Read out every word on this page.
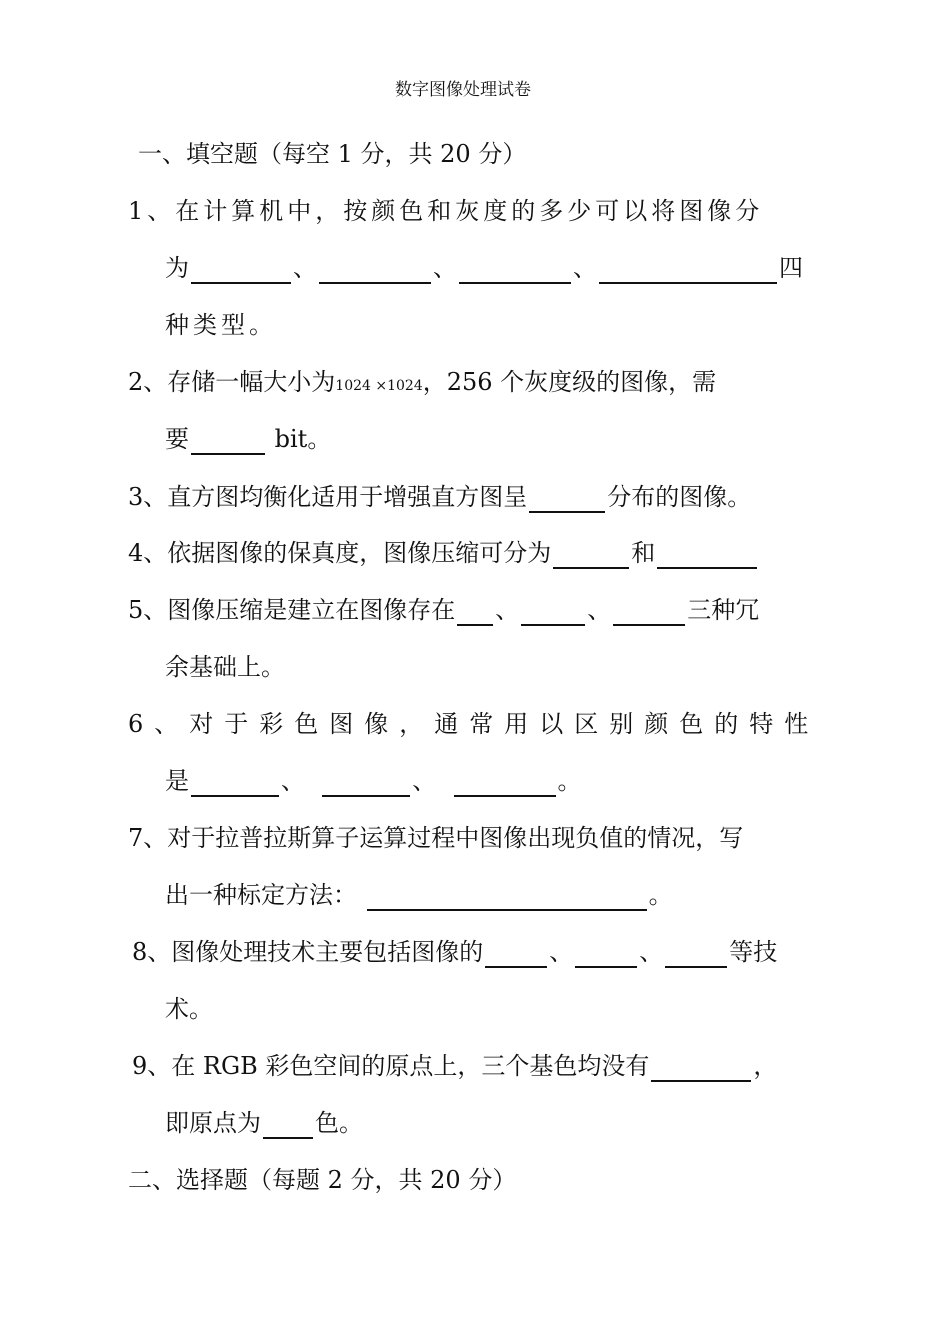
数字图像处理试卷
一、填空题（每空 1 分，共 20 分）
1、在计算机中，按颜色和灰度的多少可以将图像分
为	、	、	、	四
种类型。
2、存储一幅大小为1024 ×1024，256 个灰度级的图像，需
要	bit。
3、直方图均衡化适用于增强直方图呈	分布的图像。
4、依据图像的保真度，图像压缩可分为	和
5、图像压缩是建立在图像存在 、	、	三种冗
余基础上。
6、对于彩色图像，通常用以区别颜色的特性
是	、	、	。
7、对于拉普拉斯算子运算过程中图像出现负值的情况，写
出一种标定方法：	。
8、图像处理技术主要包括图像的	、	、	等技
术。
9、在 RGB 彩色空间的原点上，三个基色均没有	，
即原点为 色。
二、选择题（每题 2 分，共 20 分）
